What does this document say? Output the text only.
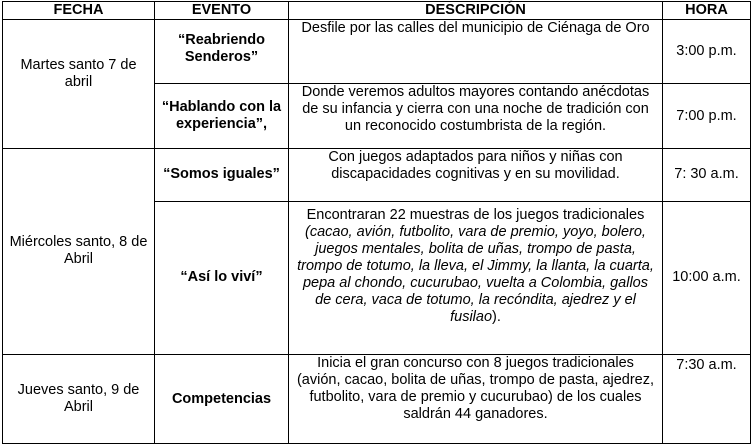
FECHA	EVENTO	DESCRIPCIÓN	HORA
Martes santo 7 de abril	“Reabriendo Senderos”	Desfile por las calles del municipio de Ciénaga de Oro	3:00 p.m.
	“Hablando con la experiencia”,	Donde veremos adultos mayores contando anécdotas de su infancia y cierra con una noche de tradición con un reconocido costumbrista de la región.	7:00 p.m.
Miércoles santo, 8 de Abril	“Somos iguales”	Con juegos adaptados para niños y niñas con discapacidades cognitivas y en su movilidad.	7: 30 a.m.
	“Así lo viví”	Encontraran 22 muestras de los juegos tradicionales (cacao, avión, futbolito, vara de premio, yoyo, bolero, juegos mentales, bolita de uñas, trompo de pasta, trompo de totumo, la lleva, el Jimmy, la llanta, la cuarta, pepa al chondo, cucurubao, vuelta a Colombia, gallos de cera, vaca de totumo, la recóndita, ajedrez y el fusilao).	10:00 a.m.
Jueves santo, 9 de Abril	Competencias	Inicia el gran concurso con 8 juegos tradicionales (avión, cacao, bolita de uñas, trompo de pasta, ajedrez, futbolito, vara de premio y cucurubao) de los cuales saldrán 44 ganadores.	7:30 a.m.
